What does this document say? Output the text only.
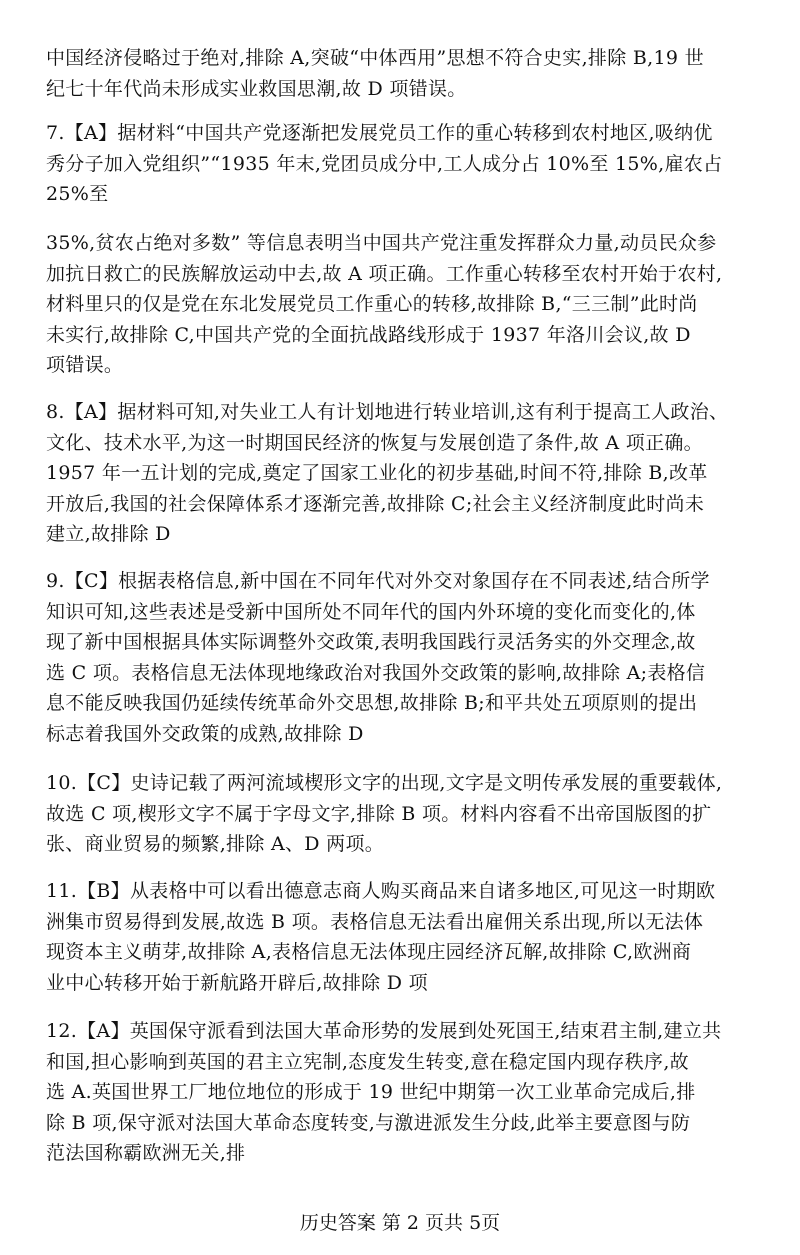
中国经济侵略过于绝对,排除 A,突破“中体西用”思想不符合史实,排除 B,19 世
纪七十年代尚未形成实业救国思潮,故 D 项错误。

7.【A】据材料“中国共产党逐渐把发展党员工作的重心转移到农村地区,吸纳优
秀分子加入党组织”“1935 年末,党团员成分中,工人成分占 10%至 15%,雇农占
25%至

35%,贫农占绝对多数” 等信息表明当中国共产党注重发挥群众力量,动员民众参
加抗日救亡的民族解放运动中去,故 A 项正确。工作重心转移至农村开始于农村,
材料里只的仅是党在东北发展党员工作重心的转移,故排除 B,“三三制”此时尚
未实行,故排除 C,中国共产党的全面抗战路线形成于 1937 年洛川会议,故 D
项错误。

8.【A】据材料可知,对失业工人有计划地进行转业培训,这有利于提高工人政治、
文化、技术水平,为这一时期国民经济的恢复与发展创造了条件,故 A 项正确。
1957 年一五计划的完成,奠定了国家工业化的初步基础,时间不符,排除 B,改革
开放后,我国的社会保障体系才逐渐完善,故排除 C;社会主义经济制度此时尚未
建立,故排除 D

9.【C】根据表格信息,新中国在不同年代对外交对象国存在不同表述,结合所学
知识可知,这些表述是受新中国所处不同年代的国内外环境的变化而变化的,体
现了新中国根据具体实际调整外交政策,表明我国践行灵活务实的外交理念,故
选 C 项。表格信息无法体现地缘政治对我国外交政策的影响,故排除 A;表格信
息不能反映我国仍延续传统革命外交思想,故排除 B;和平共处五项原则的提出
标志着我国外交政策的成熟,故排除 D

10.【C】史诗记载了两河流域楔形文字的出现,文字是文明传承发展的重要载体,
故选 C 项,楔形文字不属于字母文字,排除 B 项。材料内容看不出帝国版图的扩
张、商业贸易的频繁,排除 A、D 两项。

11.【B】从表格中可以看出德意志商人购买商品来自诸多地区,可见这一时期欧
洲集市贸易得到发展,故选 B 项。表格信息无法看出雇佣关系出现,所以无法体
现资本主义萌芽,故排除 A,表格信息无法体现庄园经济瓦解,故排除 C,欧洲商
业中心转移开始于新航路开辟后,故排除 D 项

12.【A】英国保守派看到法国大革命形势的发展到处死国王,结束君主制,建立共
和国,担心影响到英国的君主立宪制,态度发生转变,意在稳定国内现存秩序,故
选 A.英国世界工厂地位地位的形成于 19 世纪中期第一次工业革命完成后,排
除 B 项,保守派对法国大革命态度转变,与激进派发生分歧,此举主要意图与防
范法国称霸欧洲无关,排

历史答案 第 2 页共 5页
